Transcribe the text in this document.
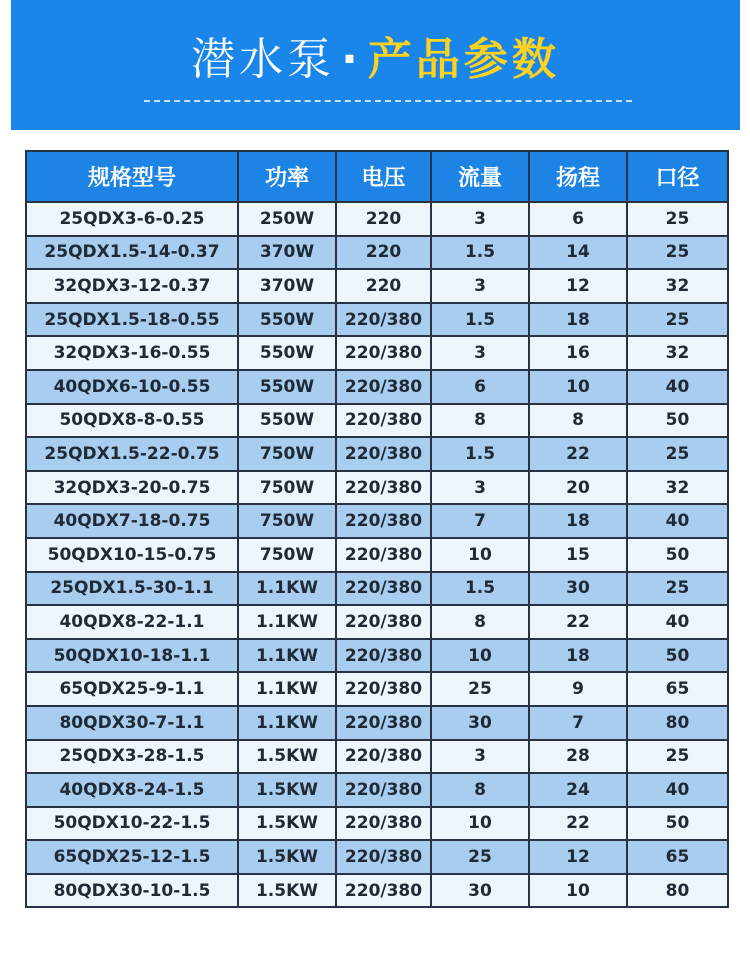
潜水泵 · 产品参数
规格型号	功率	电压	流量	扬程	口径
25QDX3-6-0.25	250W	220	3	6	25
25QDX1.5-14-0.37	370W	220	1.5	14	25
32QDX3-12-0.37	370W	220	3	12	32
25QDX1.5-18-0.55	550W	220/380	1.5	18	25
32QDX3-16-0.55	550W	220/380	3	16	32
40QDX6-10-0.55	550W	220/380	6	10	40
50QDX8-8-0.55	550W	220/380	8	8	50
25QDX1.5-22-0.75	750W	220/380	1.5	22	25
32QDX3-20-0.75	750W	220/380	3	20	32
40QDX7-18-0.75	750W	220/380	7	18	40
50QDX10-15-0.75	750W	220/380	10	15	50
25QDX1.5-30-1.1	1.1KW	220/380	1.5	30	25
40QDX8-22-1.1	1.1KW	220/380	8	22	40
50QDX10-18-1.1	1.1KW	220/380	10	18	50
65QDX25-9-1.1	1.1KW	220/380	25	9	65
80QDX30-7-1.1	1.1KW	220/380	30	7	80
25QDX3-28-1.5	1.5KW	220/380	3	28	25
40QDX8-24-1.5	1.5KW	220/380	8	24	40
50QDX10-22-1.5	1.5KW	220/380	10	22	50
65QDX25-12-1.5	1.5KW	220/380	25	12	65
80QDX30-10-1.5	1.5KW	220/380	30	10	80
